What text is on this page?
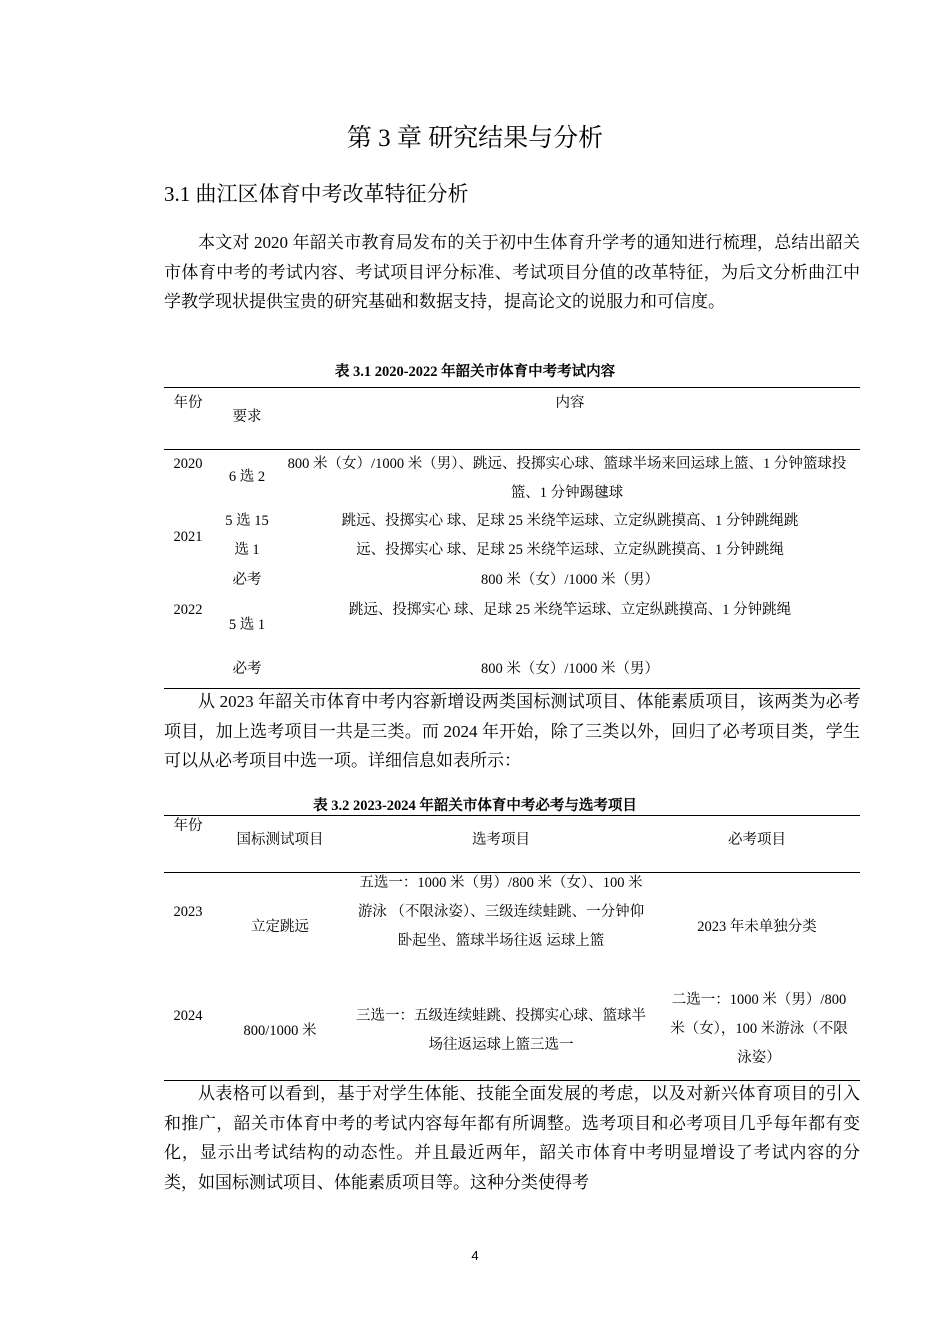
第 3 章 研究结果与分析
3.1 曲江区体育中考改革特征分析

本文对 2020 年韶关市教育局发布的关于初中生体育升学考的通知进行梳理，总结出韶关市体育中考的考试内容、考试项目评分标准、考试项目分值的改革特征，为后文分析曲江中学教学现状提供宝贵的研究基础和数据支持，提高论文的说服力和可信度。

表 3.1 2020-2022 年韶关市体育中考考试内容
年份
要求
内容
2020
6 选 2
800 米（女）/1000 米（男）、跳远、投掷实心球、篮球半场来回运球上篮、1 分钟篮球投篮、1 分钟踢毽球
2021
5 选 15
选 1
必考
跳远、投掷实心 球、足球 25 米绕竿运球、立定纵跳摸高、1 分钟跳绳跳
远、投掷实心 球、足球 25 米绕竿运球、立定纵跳摸高、1 分钟跳绳
800 米（女）/1000 米（男）
2022
5 选 1
必考
跳远、投掷实心 球、足球 25 米绕竿运球、立定纵跳摸高、1 分钟跳绳
800 米（女）/1000 米（男）

从 2023 年韶关市体育中考内容新增设两类国标测试项目、体能素质项目，该两类为必考项目，加上选考项目一共是三类。而 2024 年开始，除了三类以外，回归了必考项目类，学生可以从必考项目中选一项。详细信息如表所示：

表 3.2 2023-2024 年韶关市体育中考必考与选考项目
年份
国标测试项目	选考项目	必考项目
2023
立定跳远
五选一：1000 米（男）/800 米（女）、100 米游泳 （不限泳姿）、三级连续蛙跳、一分钟仰卧起坐、篮球半场往返 运球上篮
2023 年未单独分类
2024
800/1000 米
三选一：五级连续蛙跳、投掷实心球、篮球半场往返运球上篮三选一
二选一：1000 米（男）/800 米（女），100 米游泳（不限泳姿）

从表格可以看到，基于对学生体能、技能全面发展的考虑，以及对新兴体育项目的引入和推广，韶关市体育中考的考试内容每年都有所调整。选考项目和必考项目几乎每年都有变化，显示出考试结构的动态性。并且最近两年，韶关市体育中考明显增设了考试内容的分类，如国标测试项目、体能素质项目等。这种分类使得考

4
